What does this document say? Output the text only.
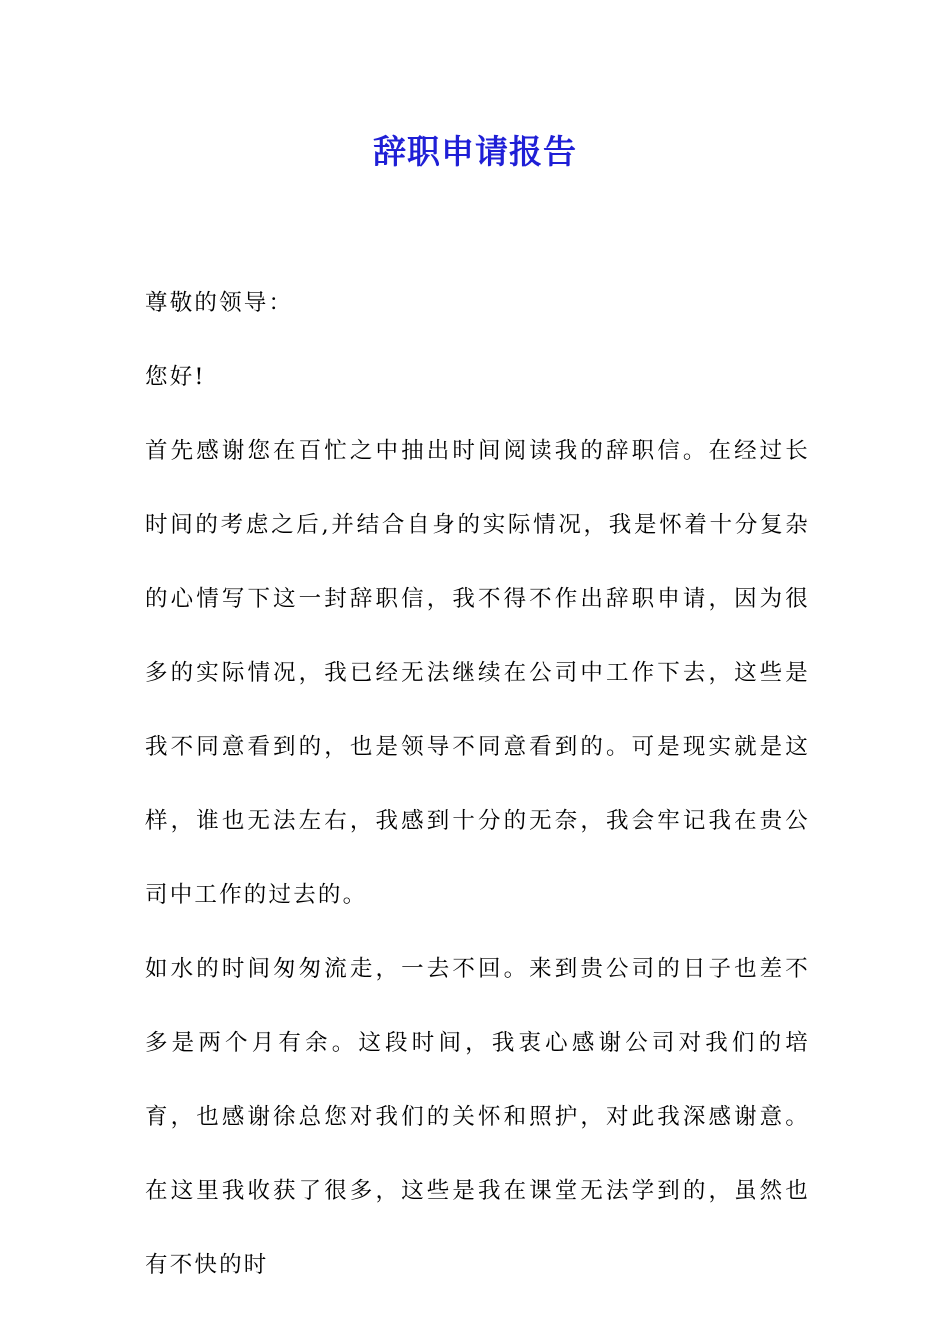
辞职申请报告

尊敬的领导：

您好!

首先感谢您在百忙之中抽出时间阅读我的辞职信。在经过长时间的考虑之后,并结合自身的实际情况，我是怀着十分复杂的心情写下这一封辞职信，我不得不作出辞职申请，因为很多的实际情况，我已经无法继续在公司中工作下去，这些是我不同意看到的，也是领导不同意看到的。可是现实就是这样，谁也无法左右，我感到十分的无奈，我会牢记我在贵公司中工作的过去的。

如水的时间匆匆流走，一去不回。来到贵公司的日子也差不多是两个月有余。这段时间，我衷心感谢公司对我们的培育，也感谢徐总您对我们的关怀和照护，对此我深感谢意。在这里我收获了很多，这些是我在课堂无法学到的，虽然也有不快的时
